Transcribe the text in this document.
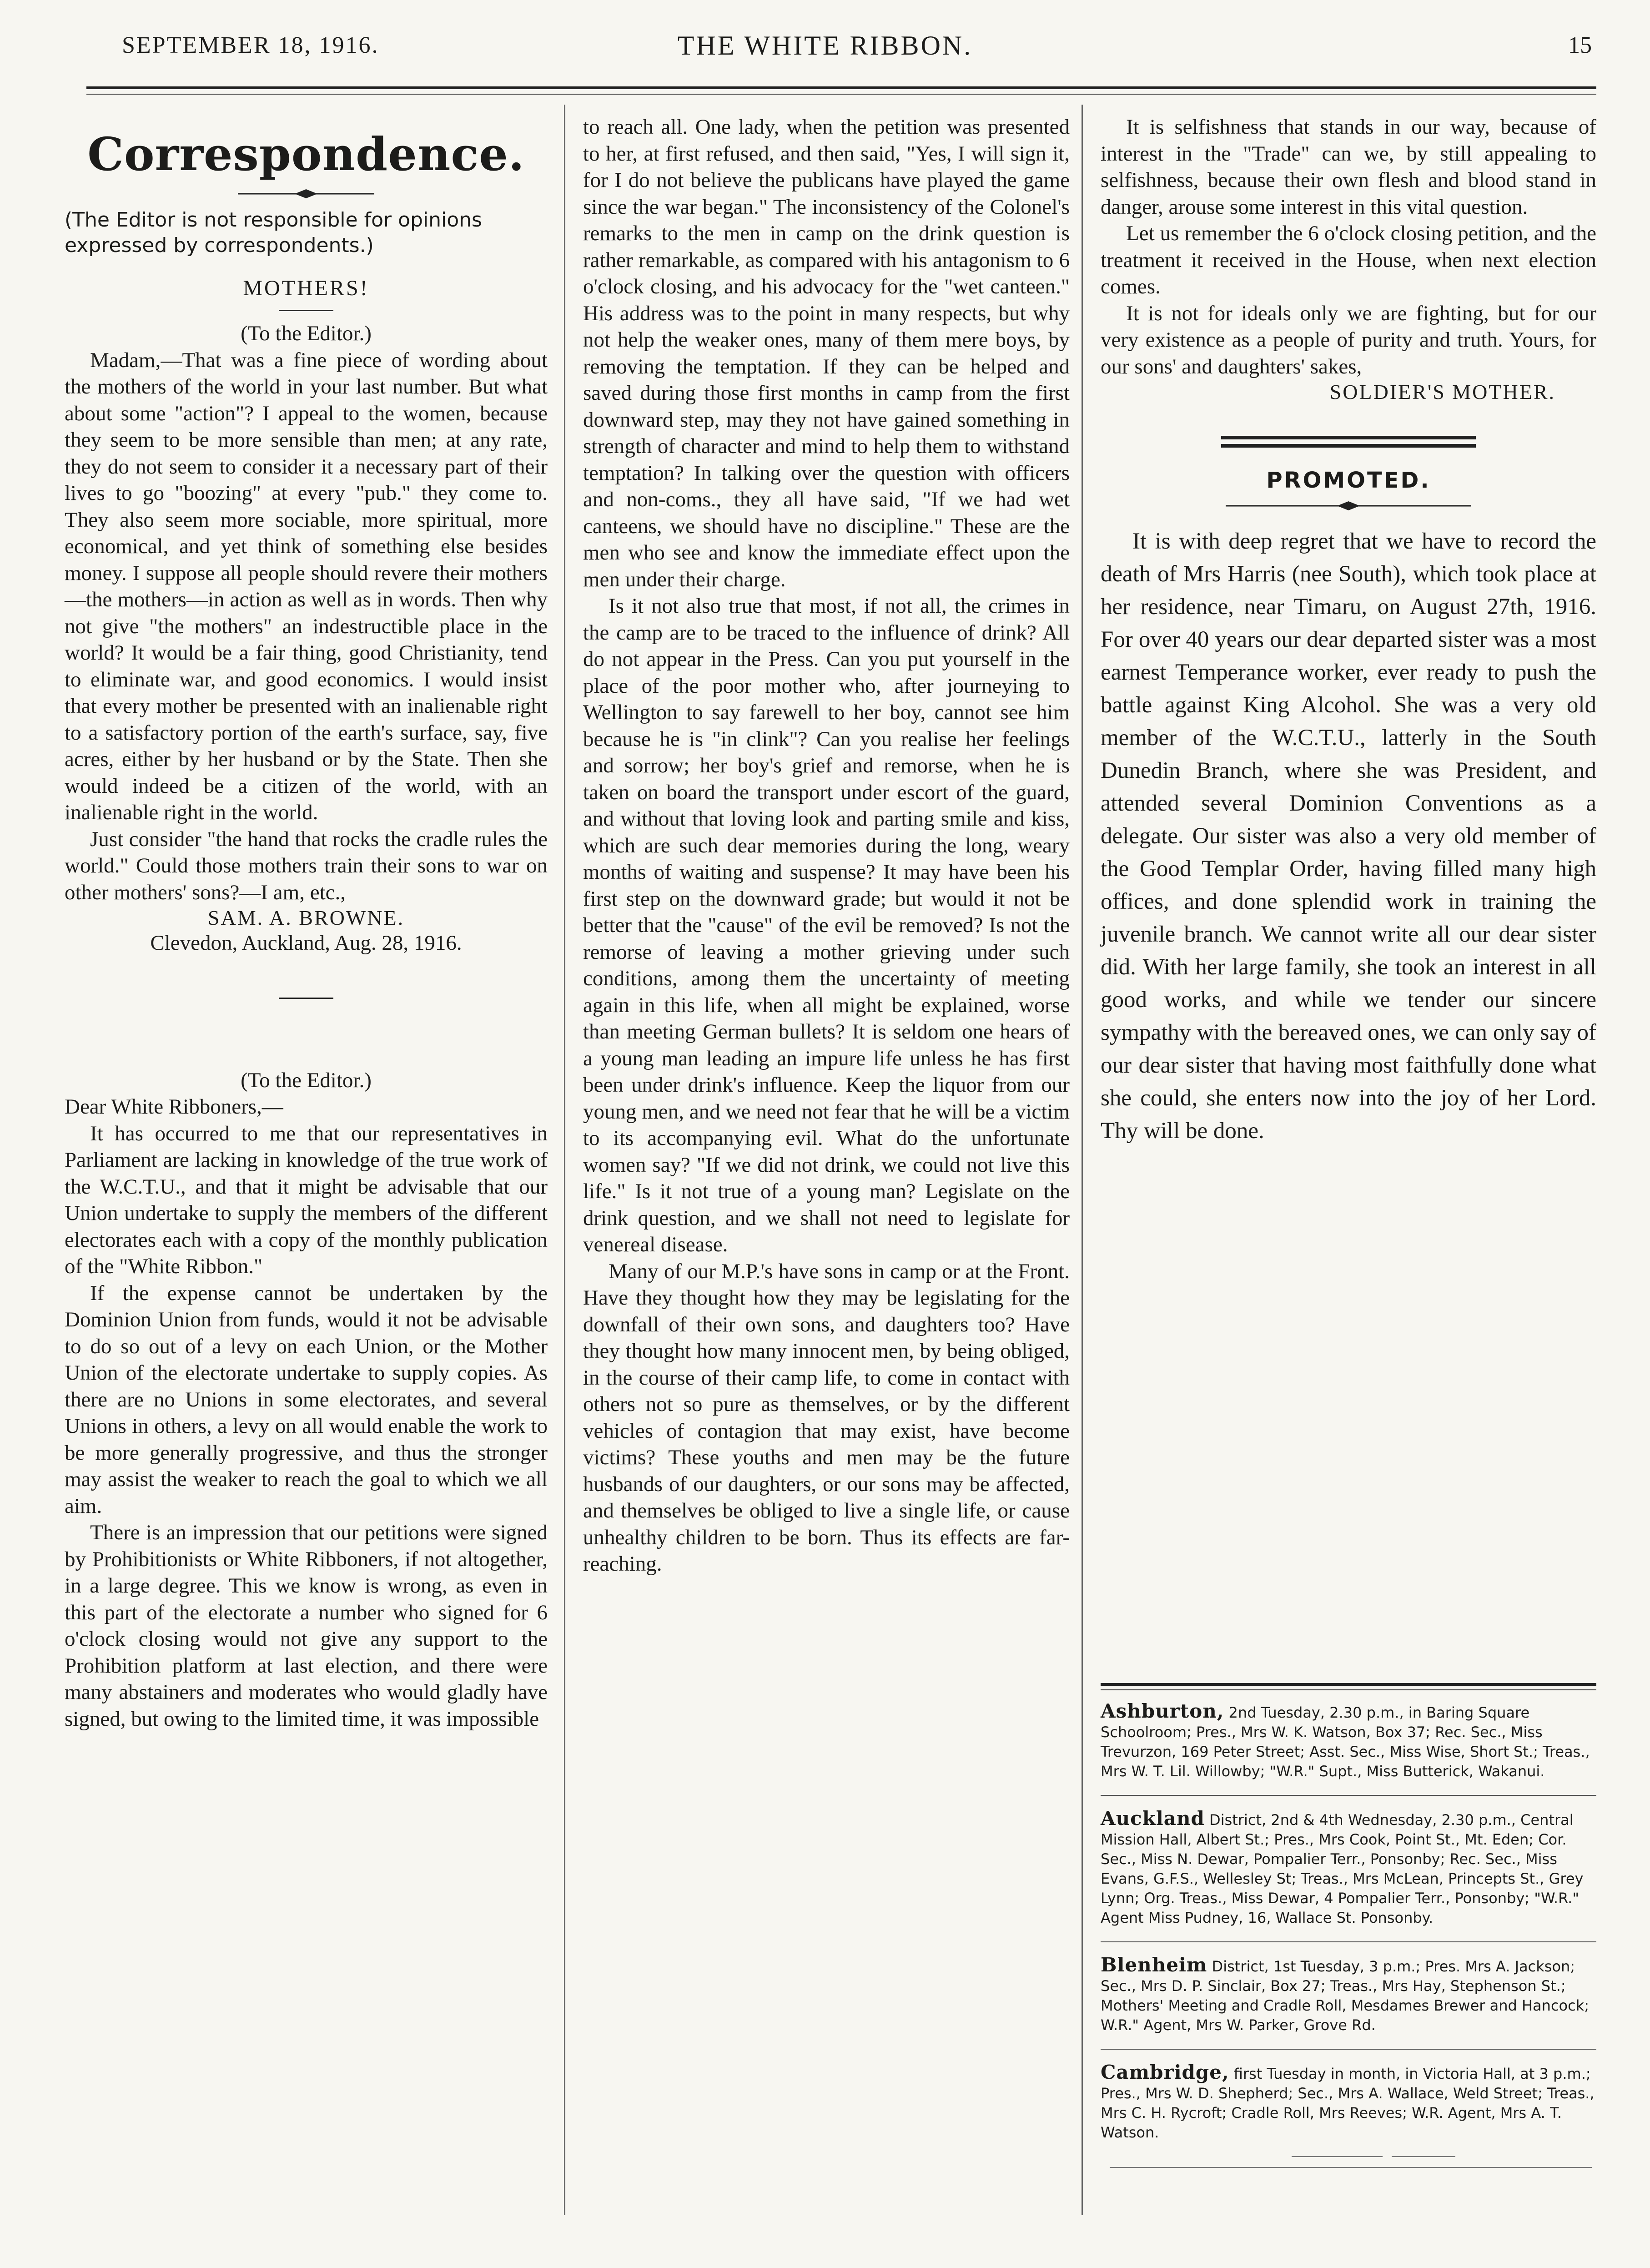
SEPTEMBER 18, 1916.	THE WHITE RIBBON.	15
Correspondence.

(The Editor is not responsible for opinions expressed by correspondents.)

MOTHERS!

(To the Editor.)

Madam,—That was a fine piece of wording about the mothers of the world in your last number. But what about some "action"? I appeal to the women, because they seem to be more sensible than men; at any rate, they do not seem to consider it a necessary part of their lives to go "boozing" at every "pub." they come to. They also seem more sociable, more spiritual, more economical, and yet think of something else besides money. I suppose all people should revere their mothers—the mothers—in action as well as in words. Then why not give "the mothers" an indestructible place in the world? It would be a fair thing, good Christianity, tend to eliminate war, and good economics. I would insist that every mother be presented with an inalienable right to a satisfactory portion of the earth's surface, say, five acres, either by her husband or by the State. Then she would indeed be a citizen of the world, with an inalienable right in the world.

Just consider "the hand that rocks the cradle rules the world." Could those mothers train their sons to war on other mothers' sons?—I am, etc.,

SAM. A. BROWNE.

Clevedon, Auckland, Aug. 28, 1916.

(To the Editor.)

Dear White Ribboners,—

It has occurred to me that our representatives in Parliament are lacking in knowledge of the true work of the W.C.T.U., and that it might be advisable that our Union undertake to supply the members of the different electorates each with a copy of the monthly publication of the "White Ribbon."

If the expense cannot be undertaken by the Dominion Union from funds, would it not be advisable to do so out of a levy on each Union, or the Mother Union of the electorate undertake to supply copies. As there are no Unions in some electorates, and several Unions in others, a levy on all would enable the work to be more generally progressive, and thus the stronger may assist the weaker to reach the goal to which we all aim.

There is an impression that our petitions were signed by Prohibitionists or White Ribboners, if not altogether, in a large degree. This we know is wrong, as even in this part of the electorate a number who signed for 6 o'clock closing would not give any support to the Prohibition platform at last election, and there were many abstainers and moderates who would gladly have signed, but owing to the limited time, it was impossible

to reach all. One lady, when the petition was presented to her, at first refused, and then said, "Yes, I will sign it, for I do not believe the publicans have played the game since the war began." The inconsistency of the Colonel's remarks to the men in camp on the drink question is rather remarkable, as compared with his antagonism to 6 o'clock closing, and his advocacy for the "wet canteen." His address was to the point in many respects, but why not help the weaker ones, many of them mere boys, by removing the temptation. If they can be helped and saved during those first months in camp from the first downward step, may they not have gained something in strength of character and mind to help them to withstand temptation? In talking over the question with officers and non-coms., they all have said, "If we had wet canteens, we should have no discipline." These are the men who see and know the immediate effect upon the men under their charge.

Is it not also true that most, if not all, the crimes in the camp are to be traced to the influence of drink? All do not appear in the Press. Can you put yourself in the place of the poor mother who, after journeying to Wellington to say farewell to her boy, cannot see him because he is "in clink"? Can you realise her feelings and sorrow; her boy's grief and remorse, when he is taken on board the transport under escort of the guard, and without that loving look and parting smile and kiss, which are such dear memories during the long, weary months of waiting and suspense? It may have been his first step on the downward grade; but would it not be better that the "cause" of the evil be removed? Is not the remorse of leaving a mother grieving under such conditions, among them the uncertainty of meeting again in this life, when all might be explained, worse than meeting German bullets? It is seldom one hears of a young man leading an impure life unless he has first been under drink's influence. Keep the liquor from our young men, and we need not fear that he will be a victim to its accompanying evil. What do the unfortunate women say? "If we did not drink, we could not live this life." Is it not true of a young man? Legislate on the drink question, and we shall not need to legislate for venereal disease.

Many of our M.P.'s have sons in camp or at the Front. Have they thought how they may be legislating for the downfall of their own sons, and daughters too? Have they thought how many innocent men, by being obliged, in the course of their camp life, to come in contact with others not so pure as themselves, or by the different vehicles of contagion that may exist, have become victims? These youths and men may be the future husbands of our daughters, or our sons may be affected, and themselves be obliged to live a single life, or cause unhealthy children to be born. Thus its effects are far-reaching.

It is selfishness that stands in our way, because of interest in the "Trade" can we, by still appealing to selfishness, because their own flesh and blood stand in danger, arouse some interest in this vital question.

Let us remember the 6 o'clock closing petition, and the treatment it received in the House, when next election comes.

It is not for ideals only we are fighting, but for our very existence as a people of purity and truth. Yours, for our sons' and daughters' sakes,

SOLDIER'S MOTHER.

PROMOTED.

It is with deep regret that we have to record the death of Mrs Harris (nee South), which took place at her residence, near Timaru, on August 27th, 1916. For over 40 years our dear departed sister was a most earnest Temperance worker, ever ready to push the battle against King Alcohol. She was a very old member of the W.C.T.U., latterly in the South Dunedin Branch, where she was President, and attended several Dominion Conventions as a delegate. Our sister was also a very old member of the Good Templar Order, having filled many high offices, and done splendid work in training the juvenile branch. We cannot write all our dear sister did. With her large family, she took an interest in all good works, and while we tender our sincere sympathy with the bereaved ones, we can only say of our dear sister that having most faithfully done what she could, she enters now into the joy of her Lord. Thy will be done.

Ashburton, 2nd Tuesday, 2.30 p.m., in Baring Square Schoolroom; Pres., Mrs W. K. Watson, Box 37; Rec. Sec., Miss Trevurzon, 169 Peter Street; Asst. Sec., Miss Wise, Short St.; Treas., Mrs W. T. Lil. Willowby; "W.R." Supt., Miss Butterick, Wakanui.

Auckland District, 2nd & 4th Wednesday, 2.30 p.m., Central Mission Hall, Albert St.; Pres., Mrs Cook, Point St., Mt. Eden; Cor. Sec., Miss N. Dewar, Pompalier Terr., Ponsonby; Rec. Sec., Miss Evans, G.F.S., Wellesley St; Treas., Mrs McLean, Princepts St., Grey Lynn; Org. Treas., Miss Dewar, 4 Pompalier Terr., Ponsonby; "W.R." Agent Miss Pudney, 16, Wallace St. Ponsonby.

Blenheim District, 1st Tuesday, 3 p.m.; Pres. Mrs A. Jackson; Sec., Mrs D. P. Sinclair, Box 27; Treas., Mrs Hay, Stephenson St.; Mothers' Meeting and Cradle Roll, Mesdames Brewer and Hancock; W.R." Agent, Mrs W. Parker, Grove Rd.

Cambridge, first Tuesday in month, in Victoria Hall, at 3 p.m.; Pres., Mrs W. D. Shepherd; Sec., Mrs A. Wallace, Weld Street; Treas., Mrs C. H. Rycroft; Cradle Roll, Mrs Reeves; W.R. Agent, Mrs A. T. Watson.
